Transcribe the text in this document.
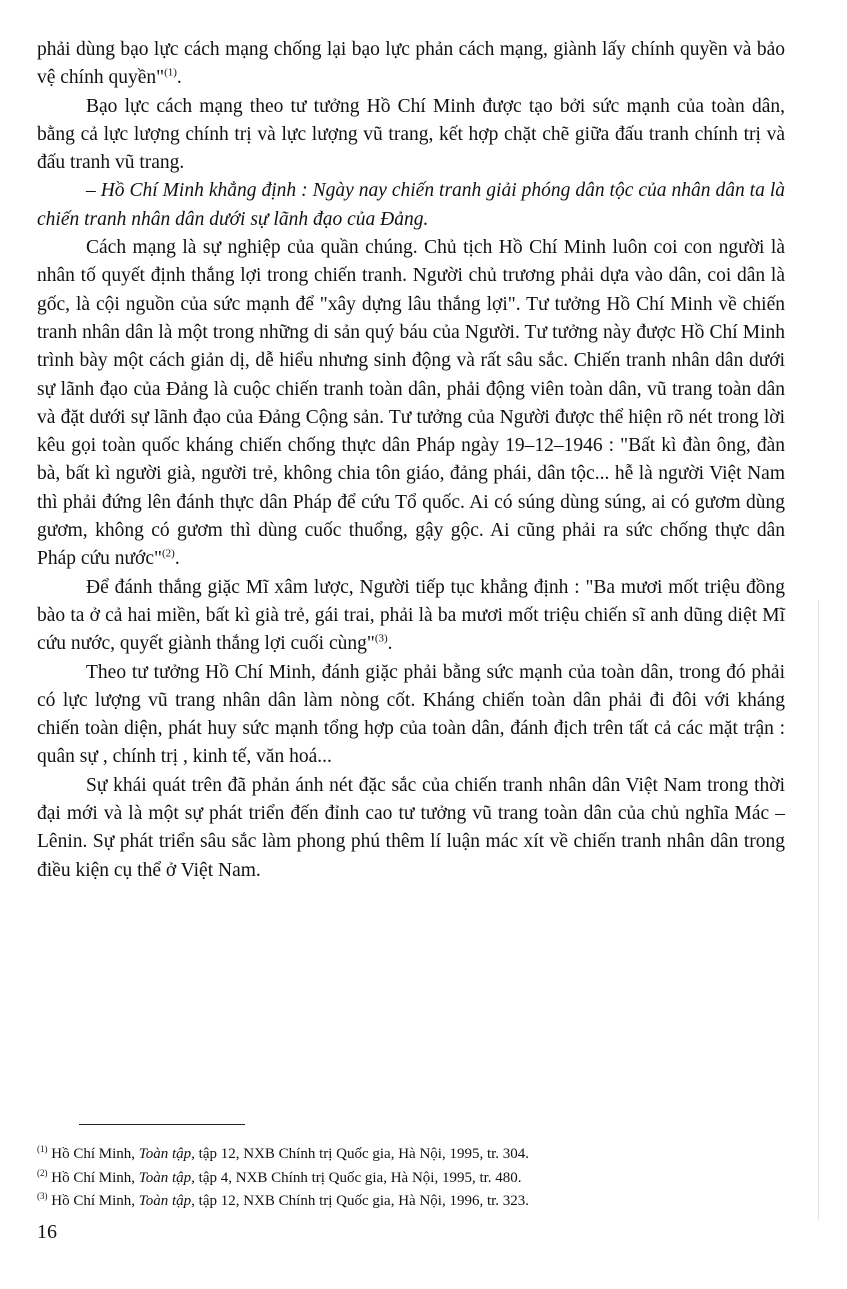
phải dùng bạo lực cách mạng chống lại bạo lực phản cách mạng, giành lấy chính quyền và bảo vệ chính quyền"$^{(1)}$.

Bạo lực cách mạng theo tư tưởng Hồ Chí Minh được tạo bởi sức mạnh của toàn dân, bằng cả lực lượng chính trị và lực lượng vũ trang, kết hợp chặt chẽ giữa đấu tranh chính trị và đấu tranh vũ trang.

– Hồ Chí Minh khẳng định : Ngày nay chiến tranh giải phóng dân tộc của nhân dân ta là chiến tranh nhân dân dưới sự lãnh đạo của Đảng.

Cách mạng là sự nghiệp của quần chúng. Chủ tịch Hồ Chí Minh luôn coi con người là nhân tố quyết định thắng lợi trong chiến tranh. Người chủ trương phải dựa vào dân, coi dân là gốc, là cội nguồn của sức mạnh để "xây dựng lâu thắng lợi". Tư tưởng Hồ Chí Minh về chiến tranh nhân dân là một trong những di sản quý báu của Người. Tư tưởng này được Hồ Chí Minh trình bày một cách giản dị, dễ hiểu nhưng sinh động và rất sâu sắc. Chiến tranh nhân dân dưới sự lãnh đạo của Đảng là cuộc chiến tranh toàn dân, phải động viên toàn dân, vũ trang toàn dân và đặt dưới sự lãnh đạo của Đảng Cộng sản. Tư tưởng của Người được thể hiện rõ nét trong lời kêu gọi toàn quốc kháng chiến chống thực dân Pháp ngày 19–12–1946 : "Bất kì đàn ông, đàn bà, bất kì người già, người trẻ, không chia tôn giáo, đảng phái, dân tộc... hễ là người Việt Nam thì phải đứng lên đánh thực dân Pháp để cứu Tổ quốc. Ai có súng dùng súng, ai có gươm dùng gươm, không có gươm thì dùng cuốc thuổng, gậy gộc. Ai cũng phải ra sức chống thực dân Pháp cứu nước"$^{(2)}$.

Để đánh thắng giặc Mĩ xâm lược, Người tiếp tục khẳng định : "Ba mươi mốt triệu đồng bào ta ở cả hai miền, bất kì già trẻ, gái trai, phải là ba mươi mốt triệu chiến sĩ anh dũng diệt Mĩ cứu nước, quyết giành thắng lợi cuối cùng"$^{(3)}$.

Theo tư tưởng Hồ Chí Minh, đánh giặc phải bằng sức mạnh của toàn dân, trong đó phải có lực lượng vũ trang nhân dân làm nòng cốt. Kháng chiến toàn dân phải đi đôi với kháng chiến toàn diện, phát huy sức mạnh tổng hợp của toàn dân, đánh địch trên tất cả các mặt trận : quân sự , chính trị , kinh tế, văn hoá...

Sự khái quát trên đã phản ánh nét đặc sắc của chiến tranh nhân dân Việt Nam trong thời đại mới và là một sự phát triển đến đỉnh cao tư tưởng vũ trang toàn dân của chủ nghĩa Mác – Lênin. Sự phát triển sâu sắc làm phong phú thêm lí luận mác xít về chiến tranh nhân dân trong điều kiện cụ thể ở Việt Nam.

$^{(1)}$ Hồ Chí Minh, Toàn tập, tập 12, NXB Chính trị Quốc gia, Hà Nội, 1995, tr. 304.
$^{(2)}$ Hồ Chí Minh, Toàn tập, tập 4, NXB Chính trị Quốc gia, Hà Nội, 1995, tr. 480.
$^{(3)}$ Hồ Chí Minh, Toàn tập, tập 12, NXB Chính trị Quốc gia, Hà Nội, 1996, tr. 323.
16
